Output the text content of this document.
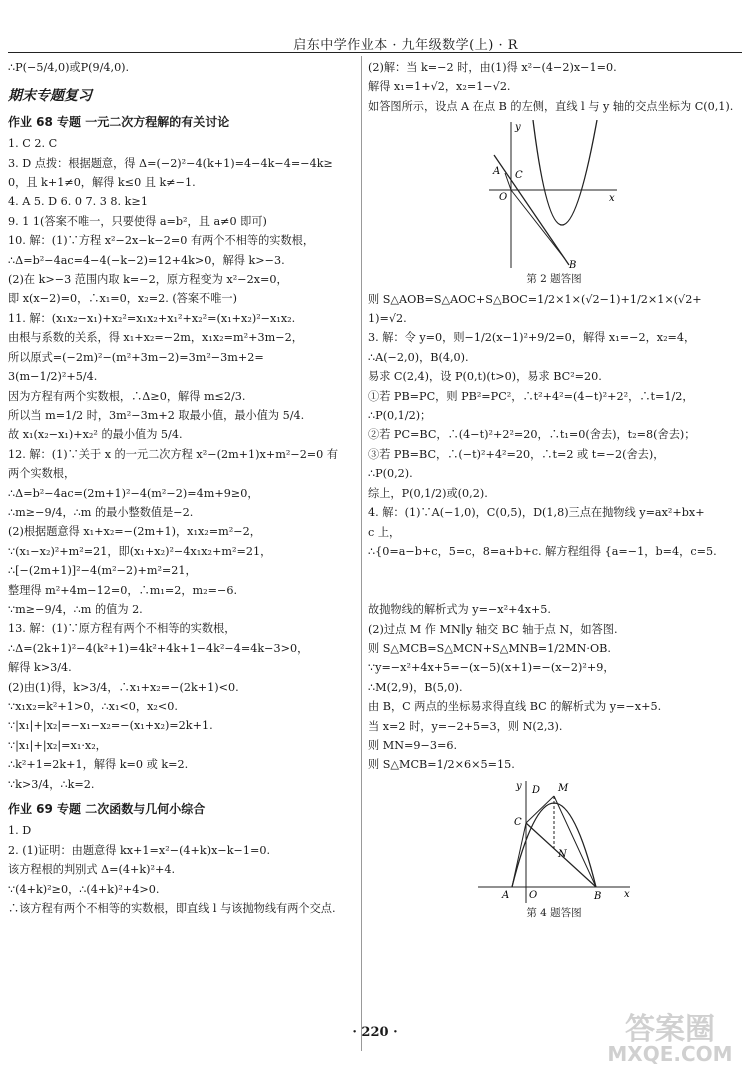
启东中学作业本 · 九年级数学(上) · R
∴P(−5/4,0)或P(9/4,0).
期末专题复习
作业 68 专题 一元二次方程解的有关讨论
1. C 2. C
3. D 点拨：根据题意，得 Δ=(−2)²−4(k+1)=4−4k−4=−4k≥
0，且 k+1≠0，解得 k≤0 且 k≠−1.
4. A 5. D 6. 0 7. 3 8. k≥1
9. 1 1(答案不唯一，只要使得 a=b²，且 a≠0 即可)
10. 解：(1)∵方程 x²−2x−k−2=0 有两个不相等的实数根，
∴Δ=b²−4ac=4−4(−k−2)=12+4k>0，解得 k>−3.
(2)在 k>−3 范围内取 k=−2，原方程变为 x²−2x=0，
即 x(x−2)=0，∴x₁=0，x₂=2. (答案不唯一)
11. 解：(x₁x₂−x₁)+x₂²=x₁x₂+x₁²+x₂²=(x₁+x₂)²−x₁x₂.
由根与系数的关系，得 x₁+x₂=−2m，x₁x₂=m²+3m−2，
所以原式=(−2m)²−(m²+3m−2)=3m²−3m+2=
3(m−1/2)²+5/4.
因为方程有两个实数根，∴Δ≥0，解得 m≤2/3.
所以当 m=1/2 时，3m²−3m+2 取最小值，最小值为 5/4.
故 x₁(x₂−x₁)+x₂² 的最小值为 5/4.
12. 解：(1)∵关于 x 的一元二次方程 x²−(2m+1)x+m²−2=0 有
两个实数根，
∴Δ=b²−4ac=(2m+1)²−4(m²−2)=4m+9≥0，
∴m≥−9/4，∴m 的最小整数值是−2.
(2)根据题意得 x₁+x₂=−(2m+1)，x₁x₂=m²−2，
∵(x₁−x₂)²+m²=21，即(x₁+x₂)²−4x₁x₂+m²=21，
∴[−(2m+1)]²−4(m²−2)+m²=21，
整理得 m²+4m−12=0，∴m₁=2，m₂=−6.
∵m≥−9/4，∴m 的值为 2.
13. 解：(1)∵原方程有两个不相等的实数根，
∴Δ=(2k+1)²−4(k²+1)=4k²+4k+1−4k²−4=4k−3>0，
解得 k>3/4.
(2)由(1)得，k>3/4，∴x₁+x₂=−(2k+1)<0.
∵x₁x₂=k²+1>0，∴x₁<0，x₂<0.
∵|x₁|+|x₂|=−x₁−x₂=−(x₁+x₂)=2k+1.
∵|x₁|+|x₂|=x₁·x₂，
∴k²+1=2k+1，解得 k=0 或 k=2.
∵k>3/4，∴k=2.
作业 69 专题 二次函数与几何小综合
1. D
2. (1)证明：由题意得 kx+1=x²−(4+k)x−k−1=0.
该方程根的判别式 Δ=(4+k)²+4.
∵(4+k)²≥0，∴(4+k)²+4>0.
∴该方程有两个不相等的实数根，即直线 l 与该抛物线有两个交点.
(2)解：当 k=−2 时，由(1)得 x²−(4−2)x−1=0.
解得 x₁=1+√2，x₂=1−√2.
如答图所示，设点 A 在点 B 的左侧，直线 l 与 y 轴的交点坐标为 C(0,1).
y
A C
O	x
B
第 2 题答图
则 S△AOB=S△AOC+S△BOC=1/2×1×(√2−1)+1/2×1×(√2+
1)=√2.
3. 解：令 y=0，则−1/2(x−1)²+9/2=0，解得 x₁=−2，x₂=4，
∴A(−2,0)，B(4,0).
易求 C(2,4)，设 P(0,t)(t>0)，易求 BC²=20.
①若 PB=PC，则 PB²=PC²，∴t²+4²=(4−t)²+2²，∴t=1/2，
∴P(0,1/2)；
②若 PC=BC，∴(4−t)²+2²=20，∴t₁=0(舍去)，t₂=8(舍去)；
③若 PB=BC，∴(−t)²+4²=20，∴t=2 或 t=−2(舍去)，
∴P(0,2).
综上，P(0,1/2)或(0,2).
4. 解：(1)∵A(−1,0)，C(0,5)，D(1,8)三点在抛物线 y=ax²+bx+
c 上，
∴{0=a−b+c，5=c，8=a+b+c. 解方程组得 {a=−1，b=4，c=5.

故抛物线的解析式为 y=−x²+4x+5.
(2)过点 M 作 MN∥y 轴交 BC 轴于点 N，如答图.
则 S△MCB=S△MCN+S△MNB=1/2MN·OB.
∵y=−x²+4x+5=−(x−5)(x+1)=−(x−2)²+9，
∴M(2,9)，B(5,0).
由 B，C 两点的坐标易求得直线 BC 的解析式为 y=−x+5.
当 x=2 时，y=−2+5=3，则 N(2,3).
则 MN=9−3=6.
则 S△MCB=1/2×6×5=15.
y D M
C
N
A O	B x
第 4 题答图
· 220 ·	答案圈
MXQE.COM
